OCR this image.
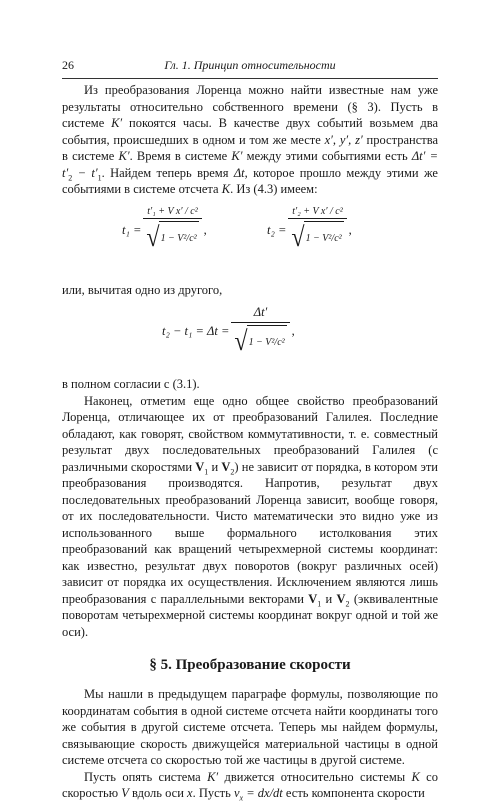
26	Гл. 1. Принцип относительности

Из преобразования Лоренца можно найти известные нам уже результаты относительно собственного времени (§ 3). Пусть в системе K′ покоятся часы. В качестве двух событий возьмем два события, происшедших в одном и том же месте x′, y′, z′ пространства в системе K′. Время в системе K′ между этими событиями есть $\Delta t' = t'_2 - t'_1$. Найдем теперь время Δt, которое прошло между этими же событиями в системе отсчета K. Из (4.3) имеем:

$t_1 = \frac{\text{t′₁ + V x′ / c²}}{\text{√ 1 − V²/c²}}$ ,	$t_2 = \frac{\text{t′₂ + V x′ / c²}}{\text{√ 1 − V²/c²}}$ ,

или, вычитая одно из другого,

$t_2 - t_1 = \Delta t = \frac{\Delta t'}{\text{√ 1 − V²/c²}}$ ,

в полном согласии с (3.1).

Наконец, отметим еще одно общее свойство преобразований Лоренца, отличающее их от преобразований Галилея. Последние обладают, как говорят, свойством коммутативности, т. е. совместный результат двух последовательных преобразований Галилея (с различными скоростями $V_1$ и $V_2$) не зависит от порядка, в котором эти преобразования производятся. Напротив, результат двух последовательных преобразований Лоренца зависит, вообще говоря, от их последовательности. Чисто математически это видно уже из использованного выше формального истолкования этих преобразований как вращений четырехмерной системы координат: как известно, результат двух поворотов (вокруг различных осей) зависит от порядка их осуществления. Исключением являются лишь преобразования с параллельными векторами $V_1$ и $V_2$ (эквивалентные поворотам четырехмерной системы координат вокруг одной и той же оси).

§ 5. Преобразование скорости

Мы нашли в предыдущем параграфе формулы, позволяющие по координатам события в одной системе отсчета найти координаты того же события в другой системе отсчета. Теперь мы найдем формулы, связывающие скорость движущейся материальной частицы в одной системе отсчета со скоростью той же частицы в другой системе.

Пусть опять система K′ движется относительно системы K со скоростью V вдоль оси x. Пусть $v_x = dx/dt$ есть компонента скорости
